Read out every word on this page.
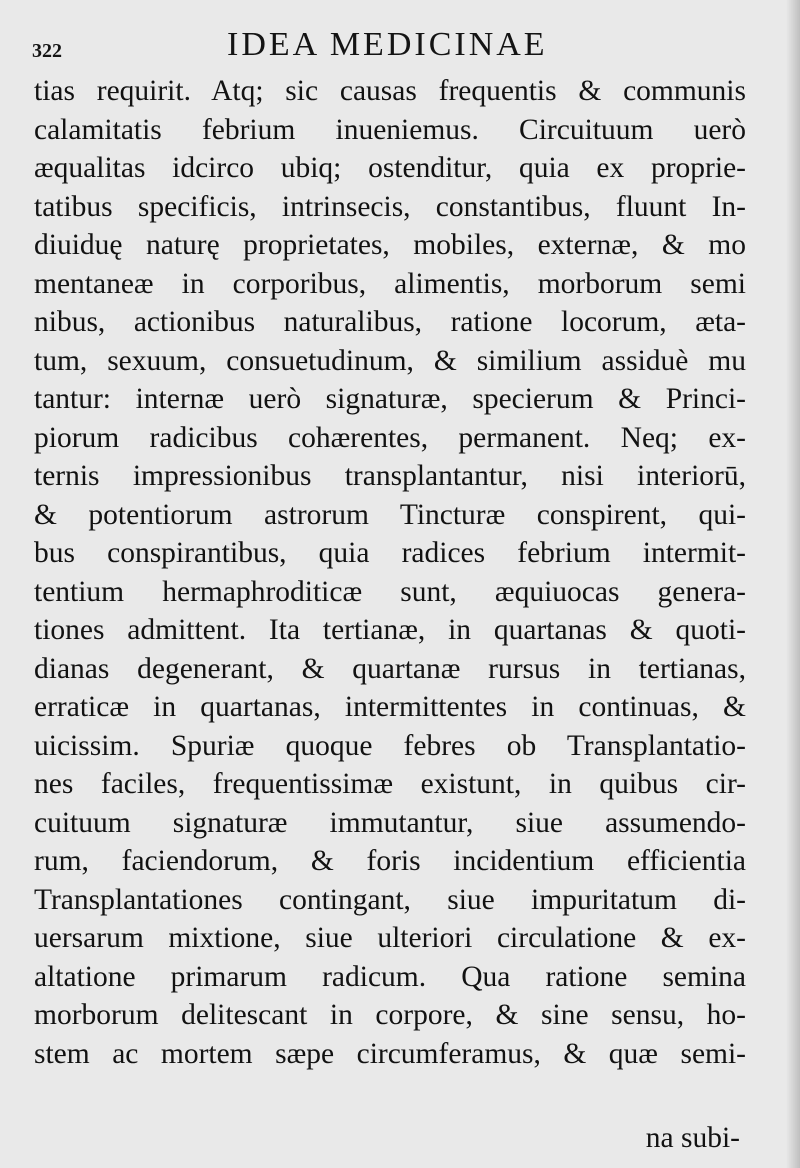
322	IDEA MEDICINAE
tias requirit. Atq; sic causas frequentis & communis
calamitatis febrium inueniemus. Circuituum uerò
æqualitas idcirco ubiq; ostenditur, quia ex proprie-
tatibus specificis, intrinsecis, constantibus, fluunt In-
diuiduę naturę proprietates, mobiles, externæ, & mo
mentaneæ in corporibus, alimentis, morborum semi
nibus, actionibus naturalibus, ratione locorum, æta-
tum, sexuum, consuetudinum, & similium assiduè mu
tantur: internæ uerò signaturæ, specierum & Princi-
piorum radicibus cohærentes, permanent. Neq; ex-
ternis impressionibus transplantantur, nisi interiorū,
& potentiorum astrorum Tincturæ conspirent, qui-
bus conspirantibus, quia radices febrium intermit-
tentium hermaphroditicæ sunt, æquiuocas genera-
tiones admittent. Ita tertianæ, in quartanas & quoti-
dianas degenerant, & quartanæ rursus in tertianas,
erraticæ in quartanas, intermittentes in continuas, &
uicissim. Spuriæ quoque febres ob Transplantatio-
nes faciles, frequentissimæ existunt, in quibus cir-
cuituum signaturæ immutantur, siue assumendo-
rum, faciendorum, & foris incidentium efficientia
Transplantationes contingant, siue impuritatum di-
uersarum mixtione, siue ulteriori circulatione & ex-
altatione primarum radicum. Qua ratione semina
morborum delitescant in corpore, & sine sensu, ho-
stem ac mortem sæpe circumferamus, & quæ semi-
na subi-
